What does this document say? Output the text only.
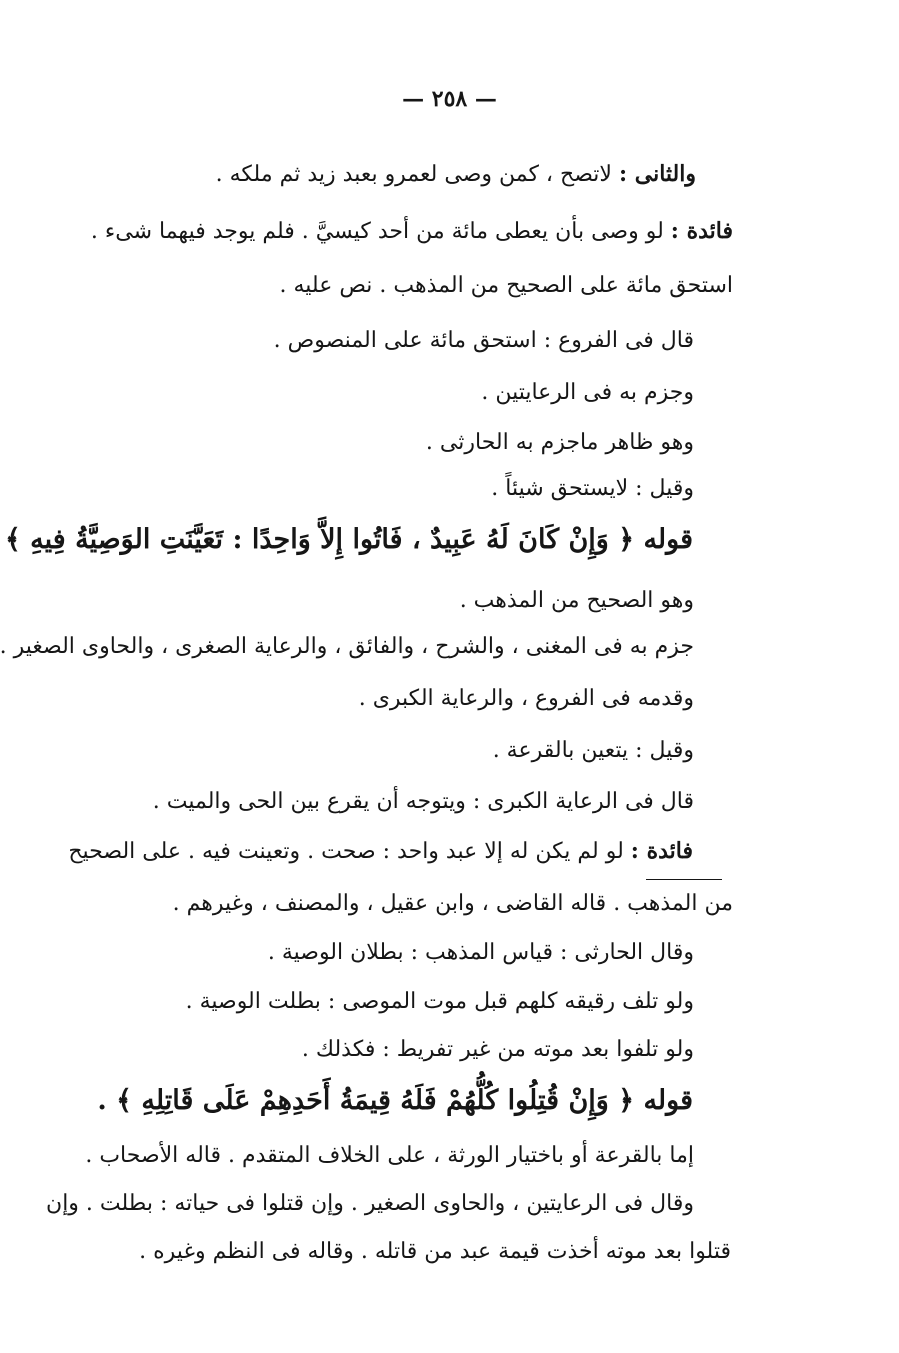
— ٢٥٨ —
والثانى : لاتصح ، كمن وصى لعمرو بعبد زيد ثم ملكه .
فائدة : لو وصى بأن يعطى مائة من أحد كيسيَّ . فلم يوجد فيهما شىء .
استحق مائة على الصحيح من المذهب . نص عليه .
قال فى الفروع : استحق مائة على المنصوص .
وجزم به فى الرعايتين .
وهو ظاهر ماجزم به الحارثى .
وقيل : لايستحق شيئاً .
قوله ﴿ وَإِنْ كَانَ لَهُ عَبِيدٌ ، فَاتُوا إِلاَّ وَاحِدًا : تَعَيَّنَتِ الوَصِيَّةُ فِيهِ ﴾
وهو الصحيح من المذهب .
جزم به فى المغنى ، والشرح ، والفائق ، والرعاية الصغرى ، والحاوى الصغير .
وقدمه فى الفروع ، والرعاية الكبرى .
وقيل : يتعين بالقرعة .
قال فى الرعاية الكبرى : ويتوجه أن يقرع بين الحى والميت .
فائدة : لو لم يكن له إلا عبد واحد : صحت . وتعينت فيه . على الصحيح
من المذهب . قاله القاضى ، وابن عقيل ، والمصنف ، وغيرهم .
وقال الحارثى : قياس المذهب : بطلان الوصية .
ولو تلف رقيقه كلهم قبل موت الموصى : بطلت الوصية .
ولو تلفوا بعد موته من غير تفريط : فكذلك .
قوله ﴿ وَإِنْ قُتِلُوا كُلُّهُمْ فَلَهُ قِيمَةُ أَحَدِهِمْ عَلَى قَاتِلِهِ ﴾ .
إما بالقرعة أو باختيار الورثة ، على الخلاف المتقدم . قاله الأصحاب .
وقال فى الرعايتين ، والحاوى الصغير . وإن قتلوا فى حياته : بطلت . وإن
قتلوا بعد موته أخذت قيمة عبد من قاتله . وقاله فى النظم وغيره .
